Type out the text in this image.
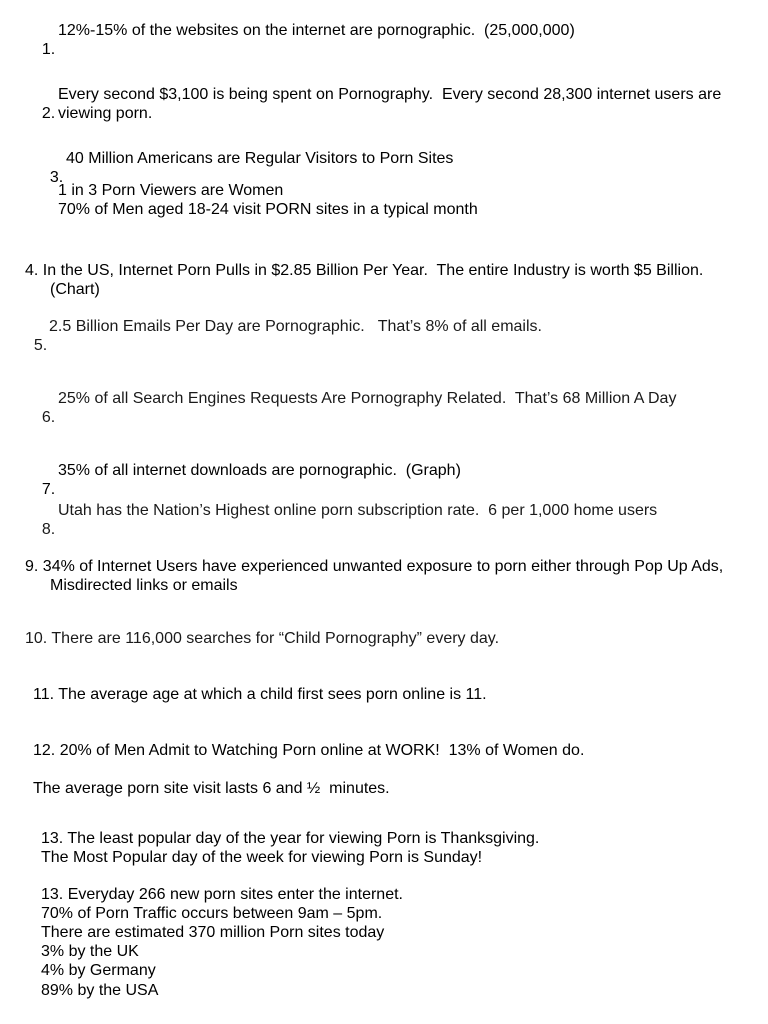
1.

12%-15% of the websites on the internet are pornographic.  (25,000,000)

2.

Every second $3,100 is being spent on Pornography.  Every second 28,300 internet users are

viewing porn.

3.

40 Million Americans are Regular Visitors to Porn Sites

1 in 3 Porn Viewers are Women
70% of Men aged 18-24 visit PORN sites in a typical month
4. In the US, Internet Porn Pulls in $2.85 Billion Per Year.  The entire Industry is worth $5 Billion.
(Chart)

5.

2.5 Billion Emails Per Day are Pornographic.   That’s 8% of all emails.

6.

25% of all Search Engines Requests Are Pornography Related.  That’s 68 Million A Day

7.

35% of all internet downloads are pornographic.  (Graph)

8.

Utah has the Nation’s Highest online porn subscription rate.  6 per 1,000 home users

9. 34% of Internet Users have experienced unwanted exposure to porn either through Pop Up Ads,
Misdirected links or emails
10. There are 116,000 searches for “Child Pornography” every day.
11. The average age at which a child first sees porn online is 11.
12. 20% of Men Admit to Watching Porn online at WORK!  13% of Women do.
The average porn site visit lasts 6 and ½  minutes.
13. The least popular day of the year for viewing Porn is Thanksgiving.
The Most Popular day of the week for viewing Porn is Sunday!
13. Everyday 266 new porn sites enter the internet.
70% of Porn Traffic occurs between 9am – 5pm.
There are estimated 370 million Porn sites today
3% by the UK
4% by Germany
89% by the USA
